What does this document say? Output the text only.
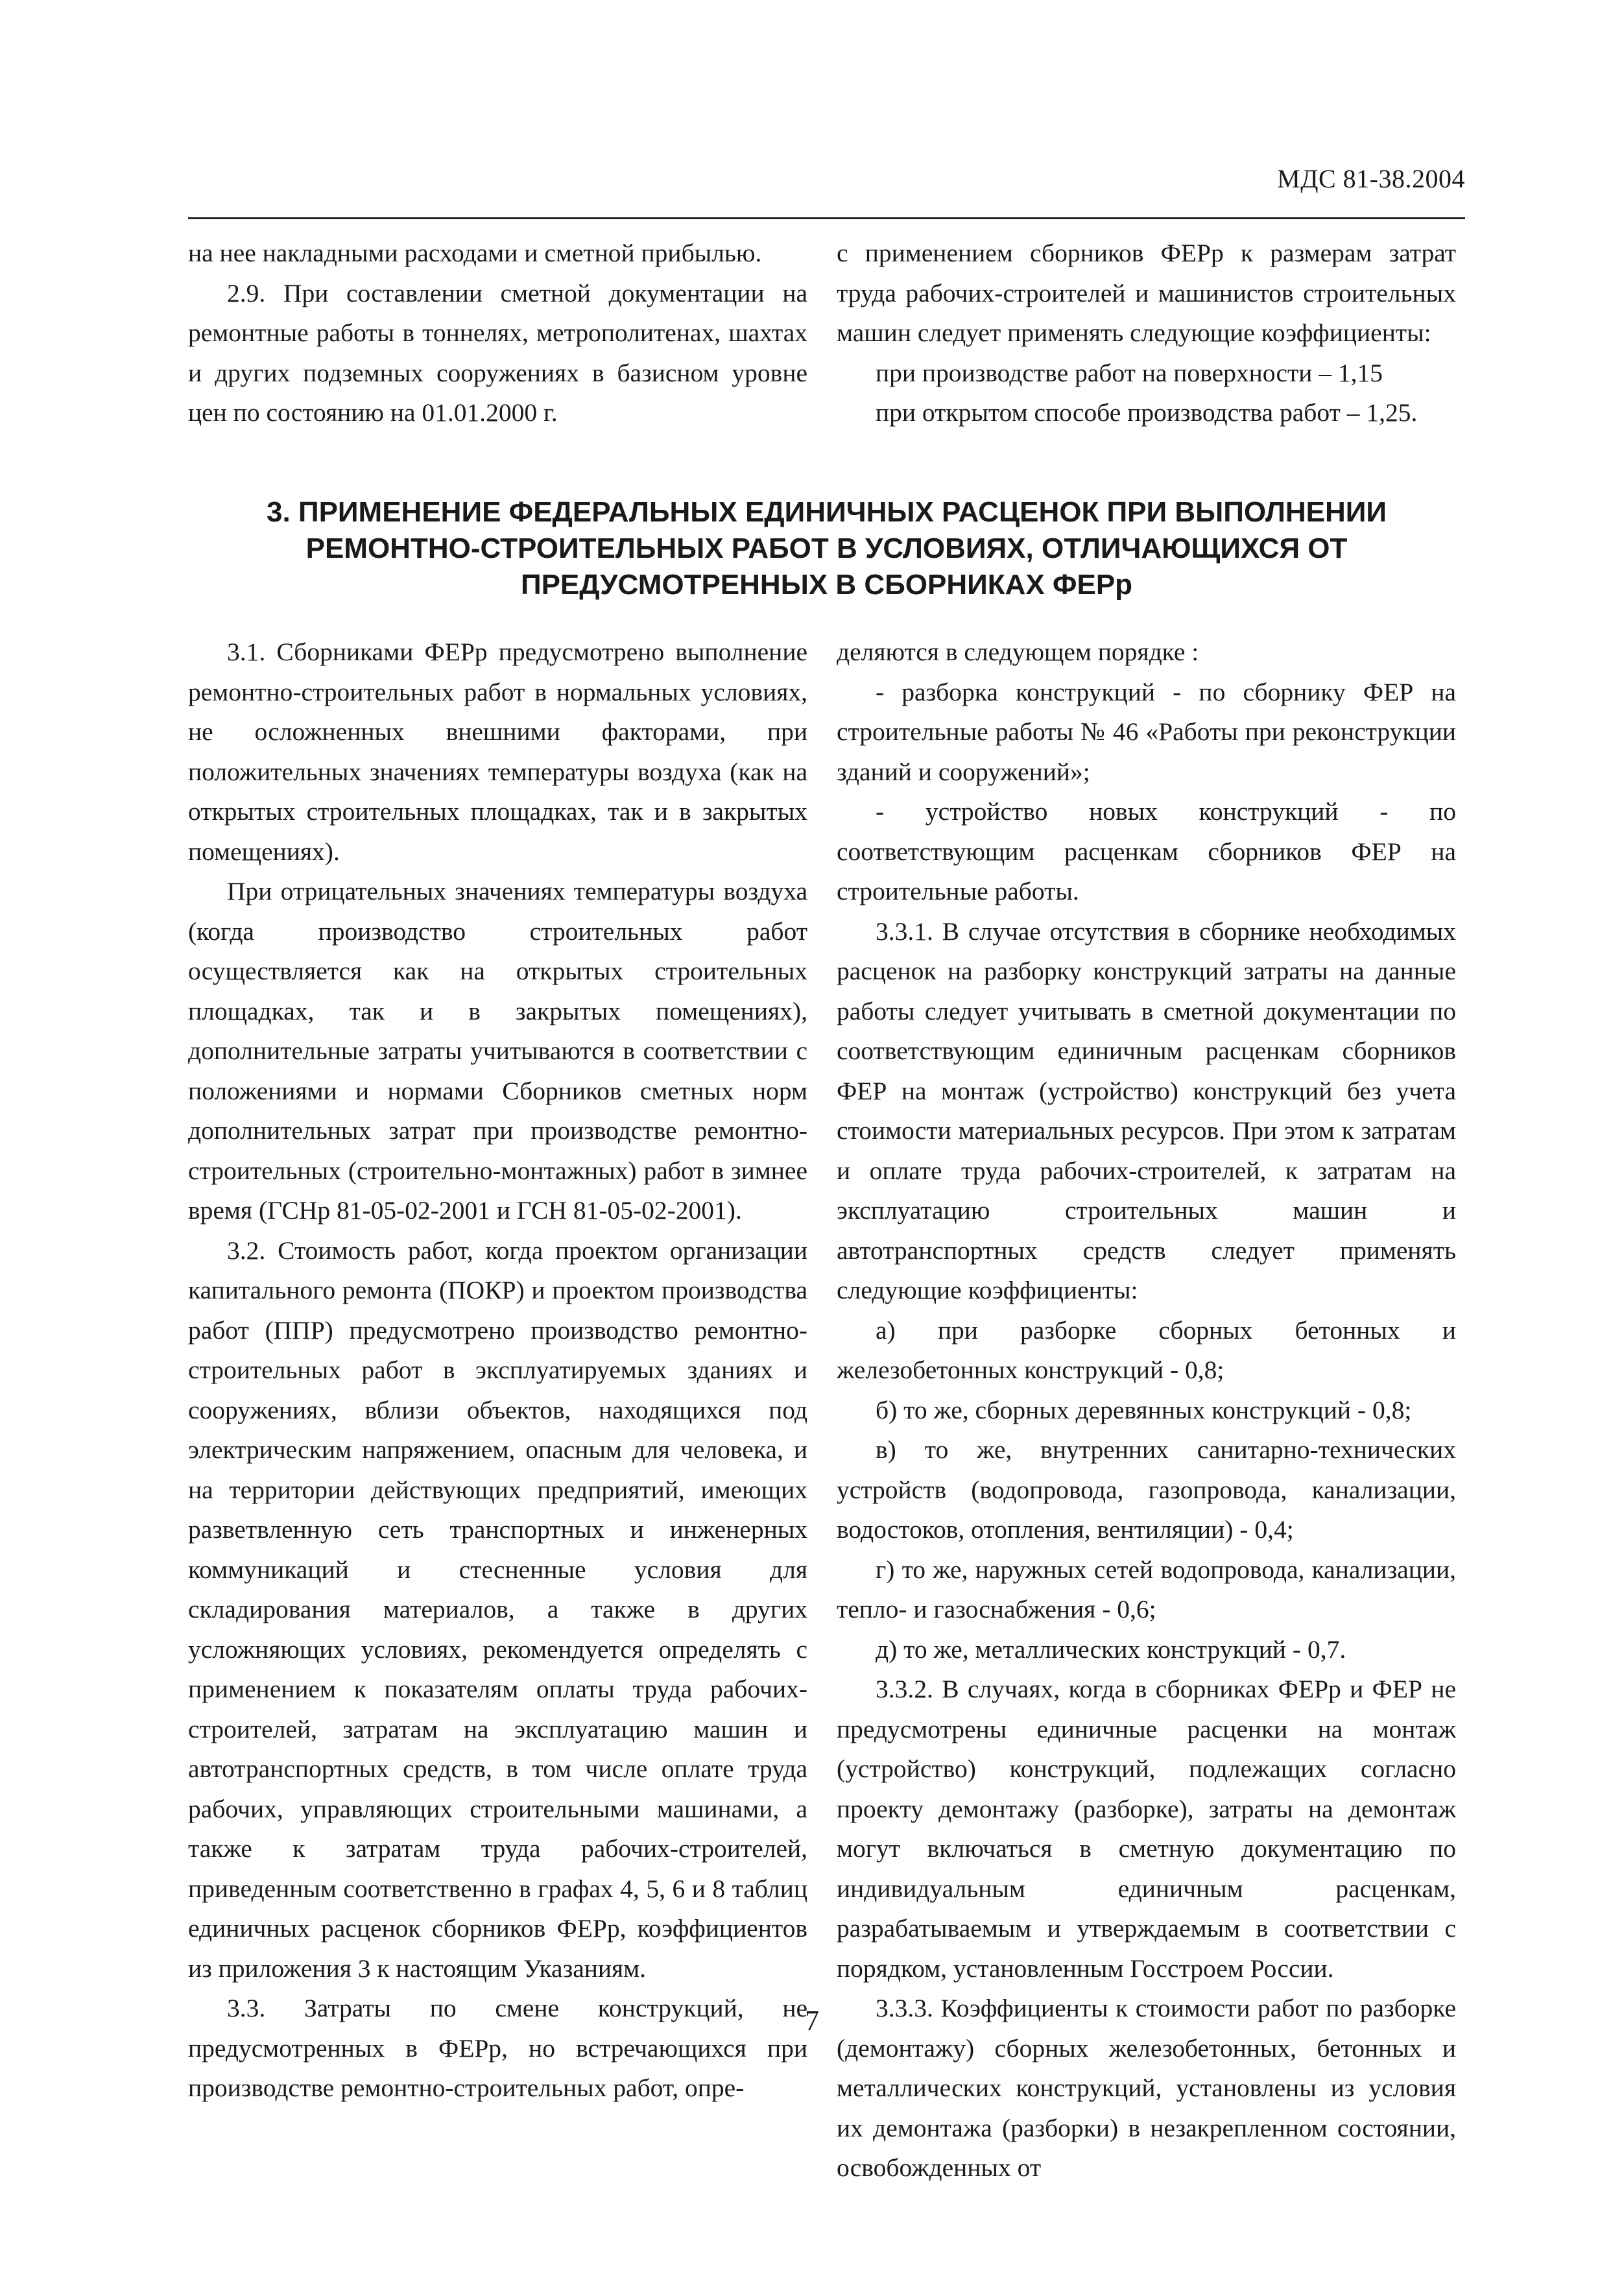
МДС 81-38.2004

на нее накладными расходами и сметной прибылью.

2.9. При составлении сметной документации на ремонтные работы в тоннелях, метрополитенах, шахтах и других подземных сооружениях в базисном уровне цен по состоянию на 01.01.2000 г.

с применением сборников ФЕРр к размерам затрат труда рабочих-строителей и машинистов строительных машин следует применять следующие коэффициенты:

при производстве работ на поверхности – 1,15

при открытом способе производства работ – 1,25.

3. ПРИМЕНЕНИЕ ФЕДЕРАЛЬНЫХ ЕДИНИЧНЫХ РАСЦЕНОК ПРИ ВЫПОЛНЕНИИ РЕМОНТНО-СТРОИТЕЛЬНЫХ РАБОТ В УСЛОВИЯХ, ОТЛИЧАЮЩИХСЯ ОТ ПРЕДУСМОТРЕННЫХ В СБОРНИКАХ ФЕРр

3.1. Сборниками ФЕРр предусмотрено выполнение ремонтно-строительных работ в нормальных условиях, не осложненных внешними факторами, при положительных значениях температуры воздуха (как на открытых строительных площадках, так и в закрытых помещениях).

При отрицательных значениях температуры воздуха (когда производство строительных работ осуществляется как на открытых строительных площадках, так и в закрытых помещениях), дополнительные затраты учитываются в соответствии с положениями и нормами Сборников сметных норм дополнительных затрат при производстве ремонтно-строительных (строительно-монтажных) работ в зимнее время (ГСНр 81-05-02-2001 и ГСН 81-05-02-2001).

3.2. Стоимость работ, когда проектом организации капитального ремонта (ПОКР) и проектом производства работ (ППР) предусмотрено производство ремонтно-строительных работ в эксплуатируемых зданиях и сооружениях, вблизи объектов, находящихся под электрическим напряжением, опасным для человека, и на территории действующих предприятий, имеющих разветвленную сеть транспортных и инженерных коммуникаций и стесненные условия для складирования материалов, а также в других усложняющих условиях, рекомендуется определять с применением к показателям оплаты труда рабочих-строителей, затратам на эксплуатацию машин и автотранспортных средств, в том числе оплате труда рабочих, управляющих строительными машинами, а также к затратам труда рабочих-строителей, приведенным соответственно в графах 4, 5, 6 и 8 таблиц единичных расценок сборников ФЕРр, коэффициентов из приложения 3 к настоящим Указаниям.

3.3. Затраты по смене конструкций, не предусмотренных в ФЕРр, но встречающихся при производстве ремонтно-строительных работ, опре-

деляются в следующем порядке :

- разборка конструкций - по сборнику ФЕР на строительные работы № 46 «Работы при реконструкции зданий и сооружений»;

- устройство новых конструкций - по соответствующим расценкам сборников ФЕР на строительные работы.

3.3.1. В случае отсутствия в сборнике необходимых расценок на разборку конструкций затраты на данные работы следует учитывать в сметной документации по соответствующим единичным расценкам сборников ФЕР на монтаж (устройство) конструкций без учета стоимости материальных ресурсов. При этом к затратам и оплате труда рабочих-строителей, к затратам на эксплуатацию строительных машин и автотранспортных средств следует применять следующие коэффициенты:

а) при разборке сборных бетонных и железобетонных конструкций - 0,8;

б) то же, сборных деревянных конструкций - 0,8;

в) то же, внутренних санитарно-технических устройств (водопровода, газопровода, канализации, водостоков, отопления, вентиляции) - 0,4;

г) то же, наружных сетей водопровода, канализации, тепло- и газоснабжения - 0,6;

д) то же, металлических конструкций - 0,7.

3.3.2. В случаях, когда в сборниках ФЕРр и ФЕР не предусмотрены единичные расценки на монтаж (устройство) конструкций, подлежащих согласно проекту демонтажу (разборке), затраты на демонтаж могут включаться в сметную документацию по индивидуальным единичным расценкам, разрабатываемым и утверждаемым в соответствии с порядком, установленным Госстроем России.

3.3.3. Коэффициенты к стоимости работ по разборке (демонтажу) сборных железобетонных, бетонных и металлических конструкций, установлены из условия их демонтажа (разборки) в незакрепленном состоянии, освобожденных от

7
